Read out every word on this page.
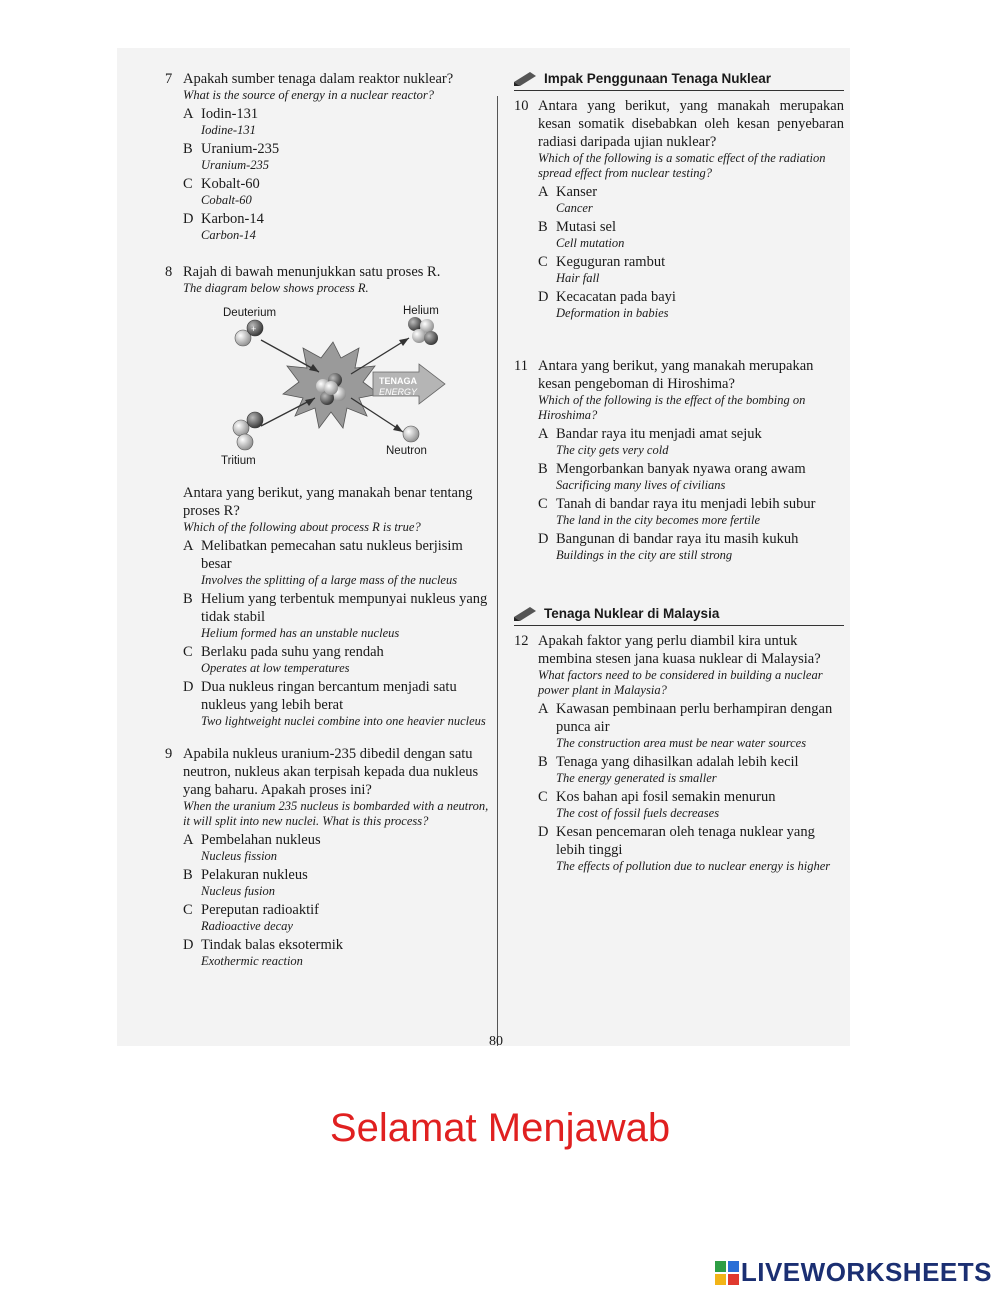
7 Apakah sumber tenaga dalam reaktor nuklear?
What is the source of energy in a nuclear reactor?
A Iodin-131
Iodine-131
B Uranium-235
Uranium-235
C Kobalt-60
Cobalt-60
D Karbon-14
Carbon-14
8 Rajah di bawah menunjukkan satu proses R.
The diagram below shows process R.
+
Deuterium	Helium
Tritium
Neutron
TENAGA
ENERGY
Antara yang berikut, yang manakah benar tentang proses R?
Which of the following about process R is true?
A Melibatkan pemecahan satu nukleus berjisim besar
Involves the splitting of a large mass of the nucleus
B Helium yang terbentuk mempunyai nukleus yang tidak stabil
Helium formed has an unstable nucleus
C Berlaku pada suhu yang rendah
Operates at low temperatures
D Dua nukleus ringan bercantum menjadi satu nukleus yang lebih berat
Two lightweight nuclei combine into one heavier nucleus
9 Apabila nukleus uranium-235 dibedil dengan satu neutron, nukleus akan terpisah kepada dua nukleus yang baharu. Apakah proses ini?
When the uranium 235 nucleus is bombarded with a neutron, it will split into new nuclei. What is this process?
A Pembelahan nukleus
Nucleus fission
B Pelakuran nukleus
Nucleus fusion
C Pereputan radioaktif
Radioactive decay
D Tindak balas eksotermik
Exothermic reaction
Impak Penggunaan Tenaga Nuklear
10 Antara yang berikut, yang manakah merupakan kesan somatik disebabkan oleh kesan penyebaran radiasi daripada ujian nuklear?
Which of the following is a somatic effect of the radiation spread effect from nuclear testing?
A Kanser
Cancer
B Mutasi sel
Cell mutation
C Keguguran rambut
Hair fall
D Kecacatan pada bayi
Deformation in babies
11 Antara yang berikut, yang manakah merupakan kesan pengeboman di Hiroshima?
Which of the following is the effect of the bombing on Hiroshima?
A Bandar raya itu menjadi amat sejuk
The city gets very cold
B Mengorbankan banyak nyawa orang awam
Sacrificing many lives of civilians
C Tanah di bandar raya itu menjadi lebih subur
The land in the city becomes more fertile
D Bangunan di bandar raya itu masih kukuh
Buildings in the city are still strong
Tenaga Nuklear di Malaysia
12 Apakah faktor yang perlu diambil kira untuk membina stesen jana kuasa nuklear di Malaysia?
What factors need to be considered in building a nuclear power plant in Malaysia?
A Kawasan pembinaan perlu berhampiran dengan punca air
The construction area must be near water sources
B Tenaga yang dihasilkan adalah lebih kecil
The energy generated is smaller
C Kos bahan api fosil semakin menurun
The cost of fossil fuels decreases
D Kesan pencemaran oleh tenaga nuklear yang lebih tinggi
The effects of pollution due to nuclear energy is higher
80
Selamat Menjawab
LIVEWORKSHEETS
